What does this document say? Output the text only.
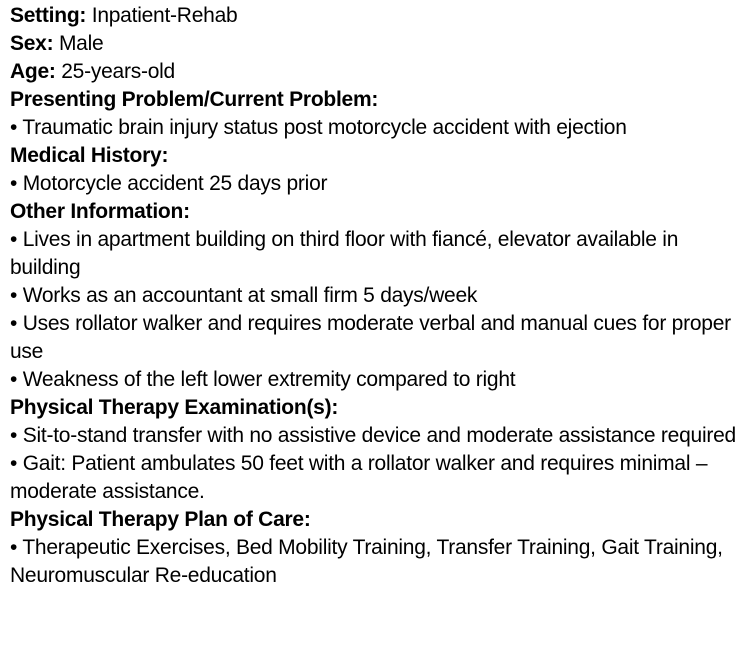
Setting: Inpatient-Rehab

Sex: Male

Age: 25-years-old

Presenting Problem/Current Problem:

• Traumatic brain injury status post motorcycle accident with ejection

Medical History:

• Motorcycle accident 25 days prior

Other Information:

• Lives in apartment building on third floor with fiancé, elevator available in building
• Works as an accountant at small firm 5 days/week
• Uses rollator walker and requires moderate verbal and manual cues for proper use
• Weakness of the left lower extremity compared to right

Physical Therapy Examination(s):

• Sit-to-stand transfer with no assistive device and moderate assistance required
• Gait: Patient ambulates 50 feet with a rollator walker and requires minimal –moderate assistance.

Physical Therapy Plan of Care:

• Therapeutic Exercises, Bed Mobility Training, Transfer Training, Gait Training, Neuromuscular Re-education
